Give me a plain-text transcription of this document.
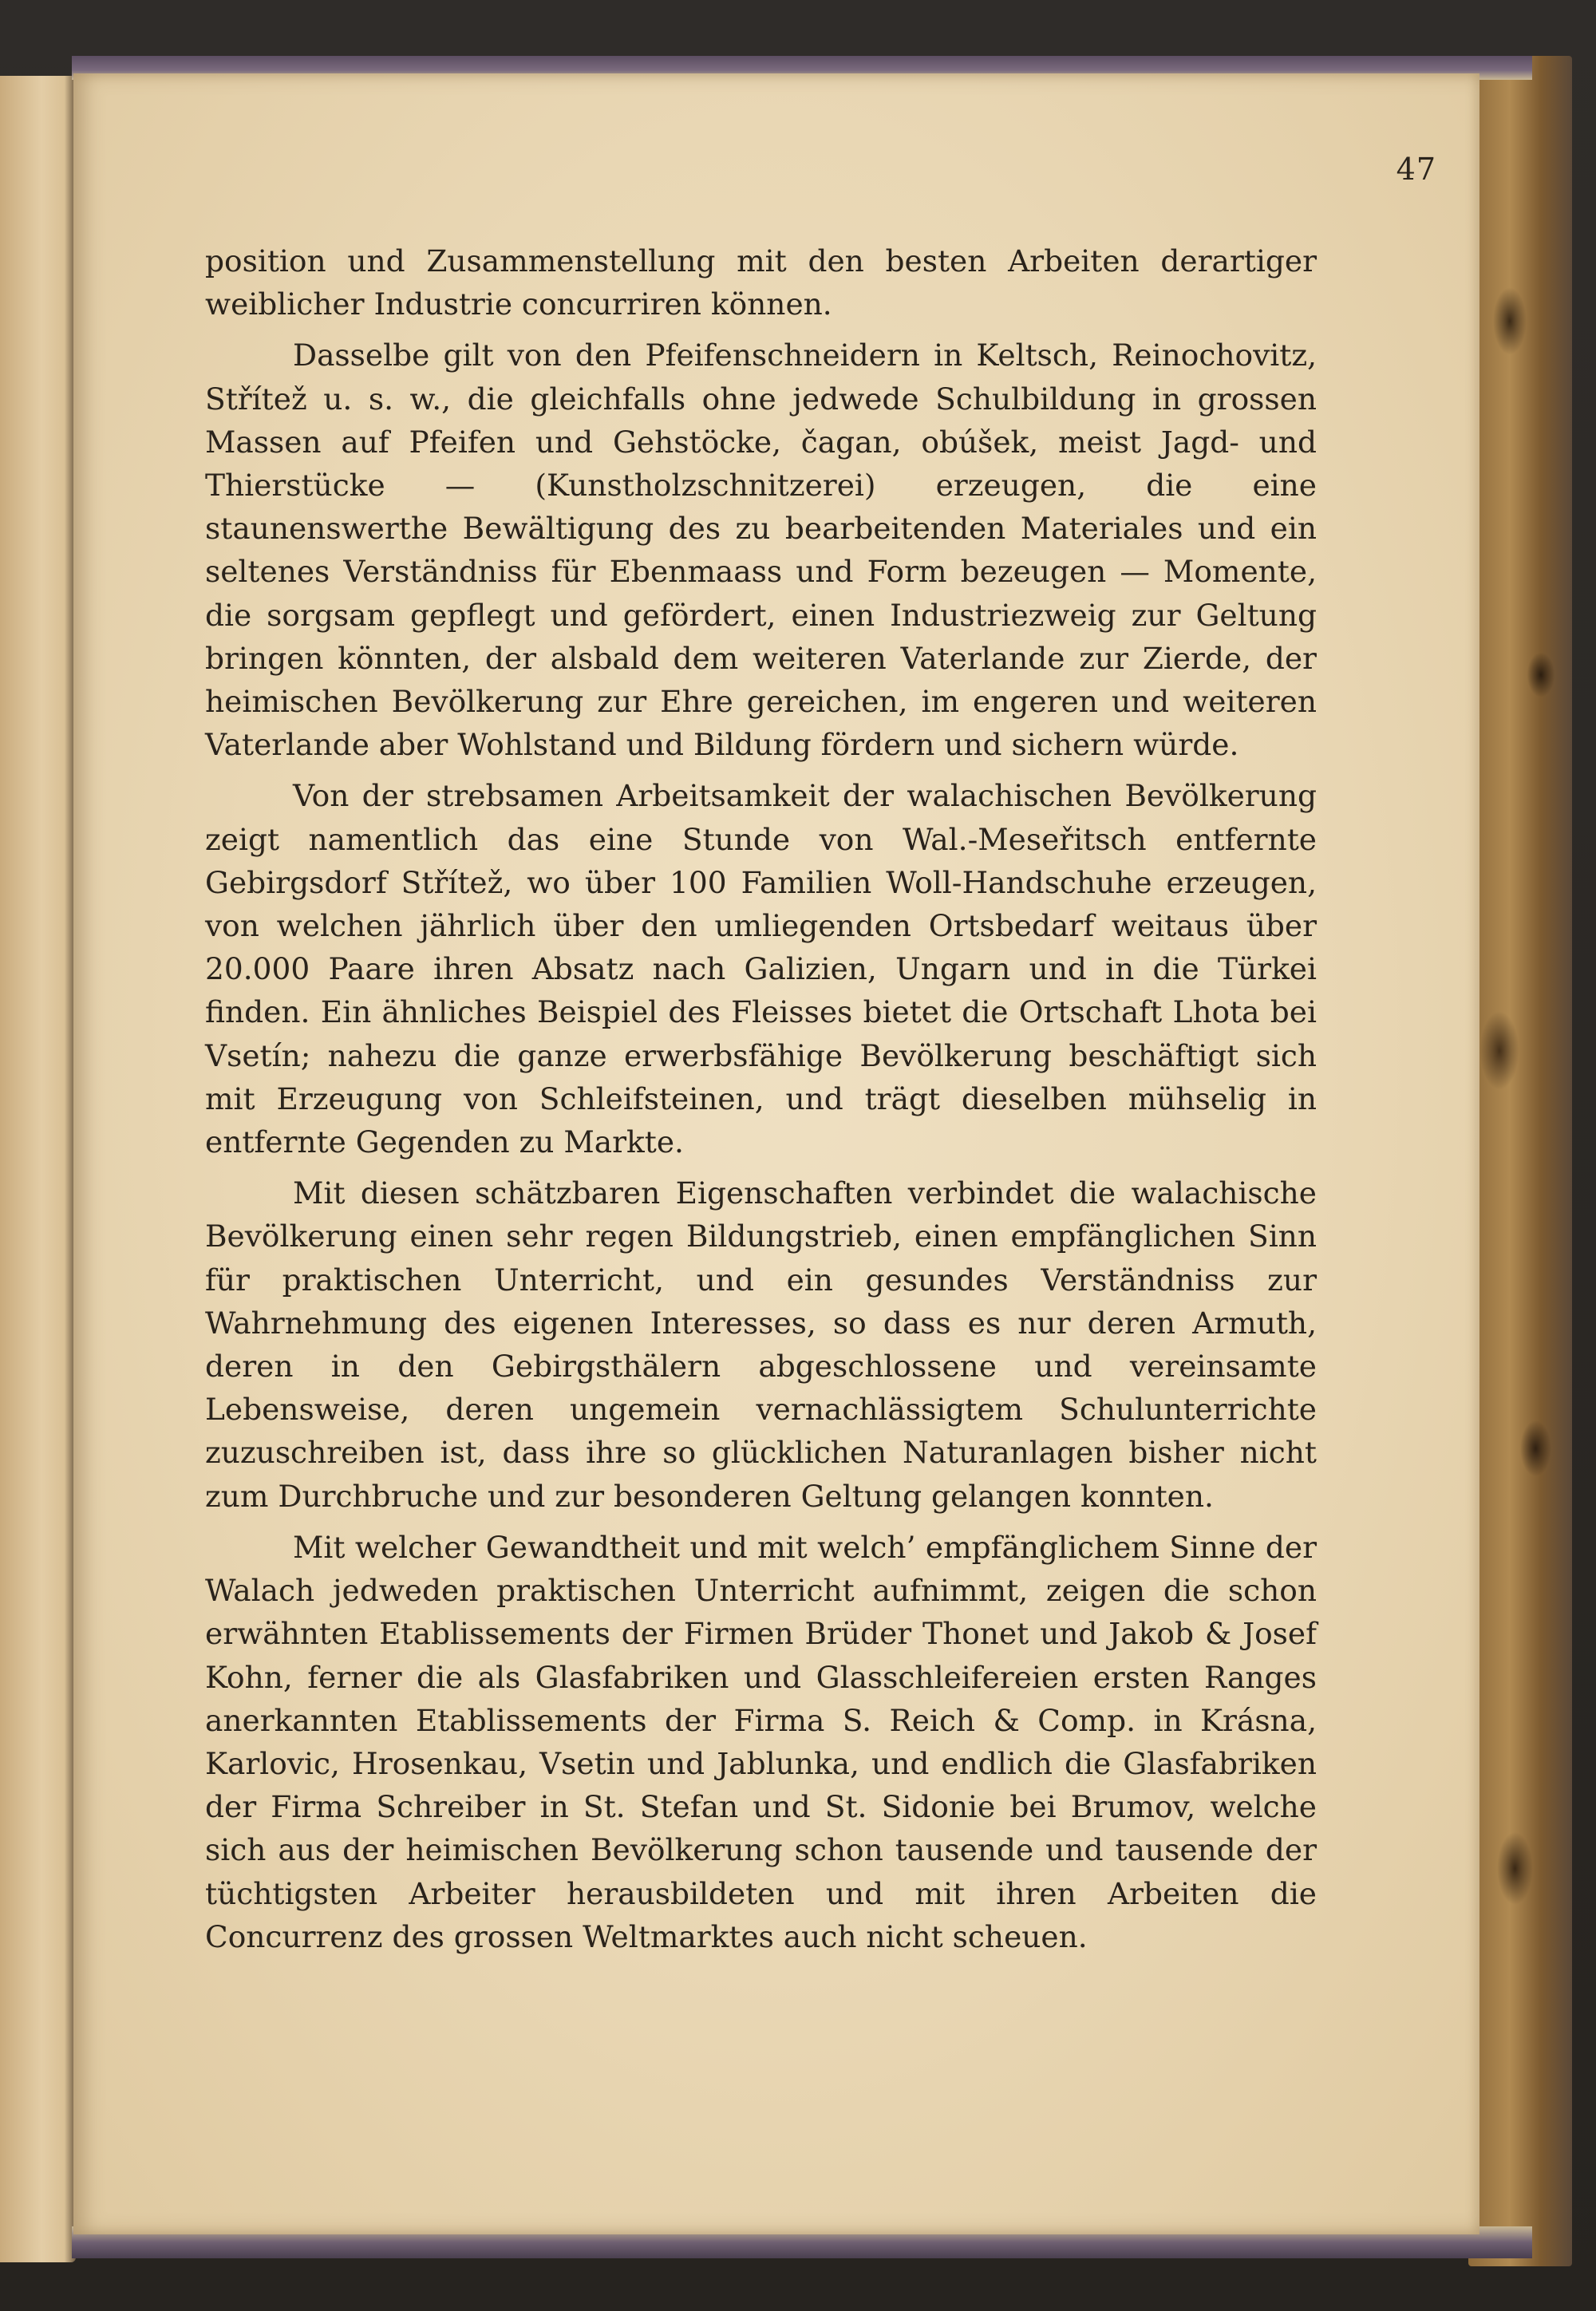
47

position und Zusammenstellung mit den besten Arbeiten derartiger weiblicher Industrie concurriren können.

Dasselbe gilt von den Pfeifenschneidern in Keltsch, Reinochovitz, Střítež u. s. w., die gleichfalls ohne jedwede Schulbildung in grossen Massen auf Pfeifen und Gehstöcke, čagan, obúšek, meist Jagd- und Thierstücke — (Kunstholzschnitzerei) erzeugen, die eine staunenswerthe Bewältigung des zu bearbeitenden Materiales und ein seltenes Verständniss für Ebenmaass und Form bezeugen — Momente, die sorgsam gepflegt und gefördert, einen Industriezweig zur Geltung bringen könnten, der alsbald dem weiteren Vaterlande zur Zierde, der heimischen Bevölkerung zur Ehre gereichen, im engeren und weiteren Vaterlande aber Wohlstand und Bildung fördern und sichern würde.

Von der strebsamen Arbeitsamkeit der walachischen Bevölkerung zeigt namentlich das eine Stunde von Wal.-Meseřitsch entfernte Gebirgsdorf Střítež, wo über 100 Familien Woll-Handschuhe erzeugen, von welchen jährlich über den umliegenden Ortsbedarf weitaus über 20.000 Paare ihren Absatz nach Galizien, Ungarn und in die Türkei finden. Ein ähnliches Beispiel des Fleisses bietet die Ortschaft Lhota bei Vsetín; nahezu die ganze erwerbsfähige Bevölkerung beschäftigt sich mit Erzeugung von Schleifsteinen, und trägt dieselben mühselig in entfernte Gegenden zu Markte.

Mit diesen schätzbaren Eigenschaften verbindet die walachische Bevölkerung einen sehr regen Bildungstrieb, einen empfänglichen Sinn für praktischen Unterricht, und ein gesundes Verständniss zur Wahrnehmung des eigenen Interesses, so dass es nur deren Armuth, deren in den Gebirgsthälern abgeschlossene und vereinsamte Lebensweise, deren ungemein vernachlässigtem Schulunterrichte zuzuschreiben ist, dass ihre so glücklichen Naturanlagen bisher nicht zum Durchbruche und zur besonderen Geltung gelangen konnten.

Mit welcher Gewandtheit und mit welch’ empfänglichem Sinne der Walach jedweden praktischen Unterricht aufnimmt, zeigen die schon erwähnten Etablissements der Firmen Brüder Thonet und Jakob & Josef Kohn, ferner die als Glasfabriken und Glasschleifereien ersten Ranges anerkannten Etablissements der Firma S. Reich & Comp. in Krásna, Karlovic, Hrosenkau, Vsetin und Jablunka, und endlich die Glasfabriken der Firma Schreiber in St. Stefan und St. Sidonie bei Brumov, welche sich aus der heimischen Bevölkerung schon tausende und tausende der tüchtigsten Arbeiter herausbildeten und mit ihren Arbeiten die Concurrenz des grossen Weltmarktes auch nicht scheuen.
